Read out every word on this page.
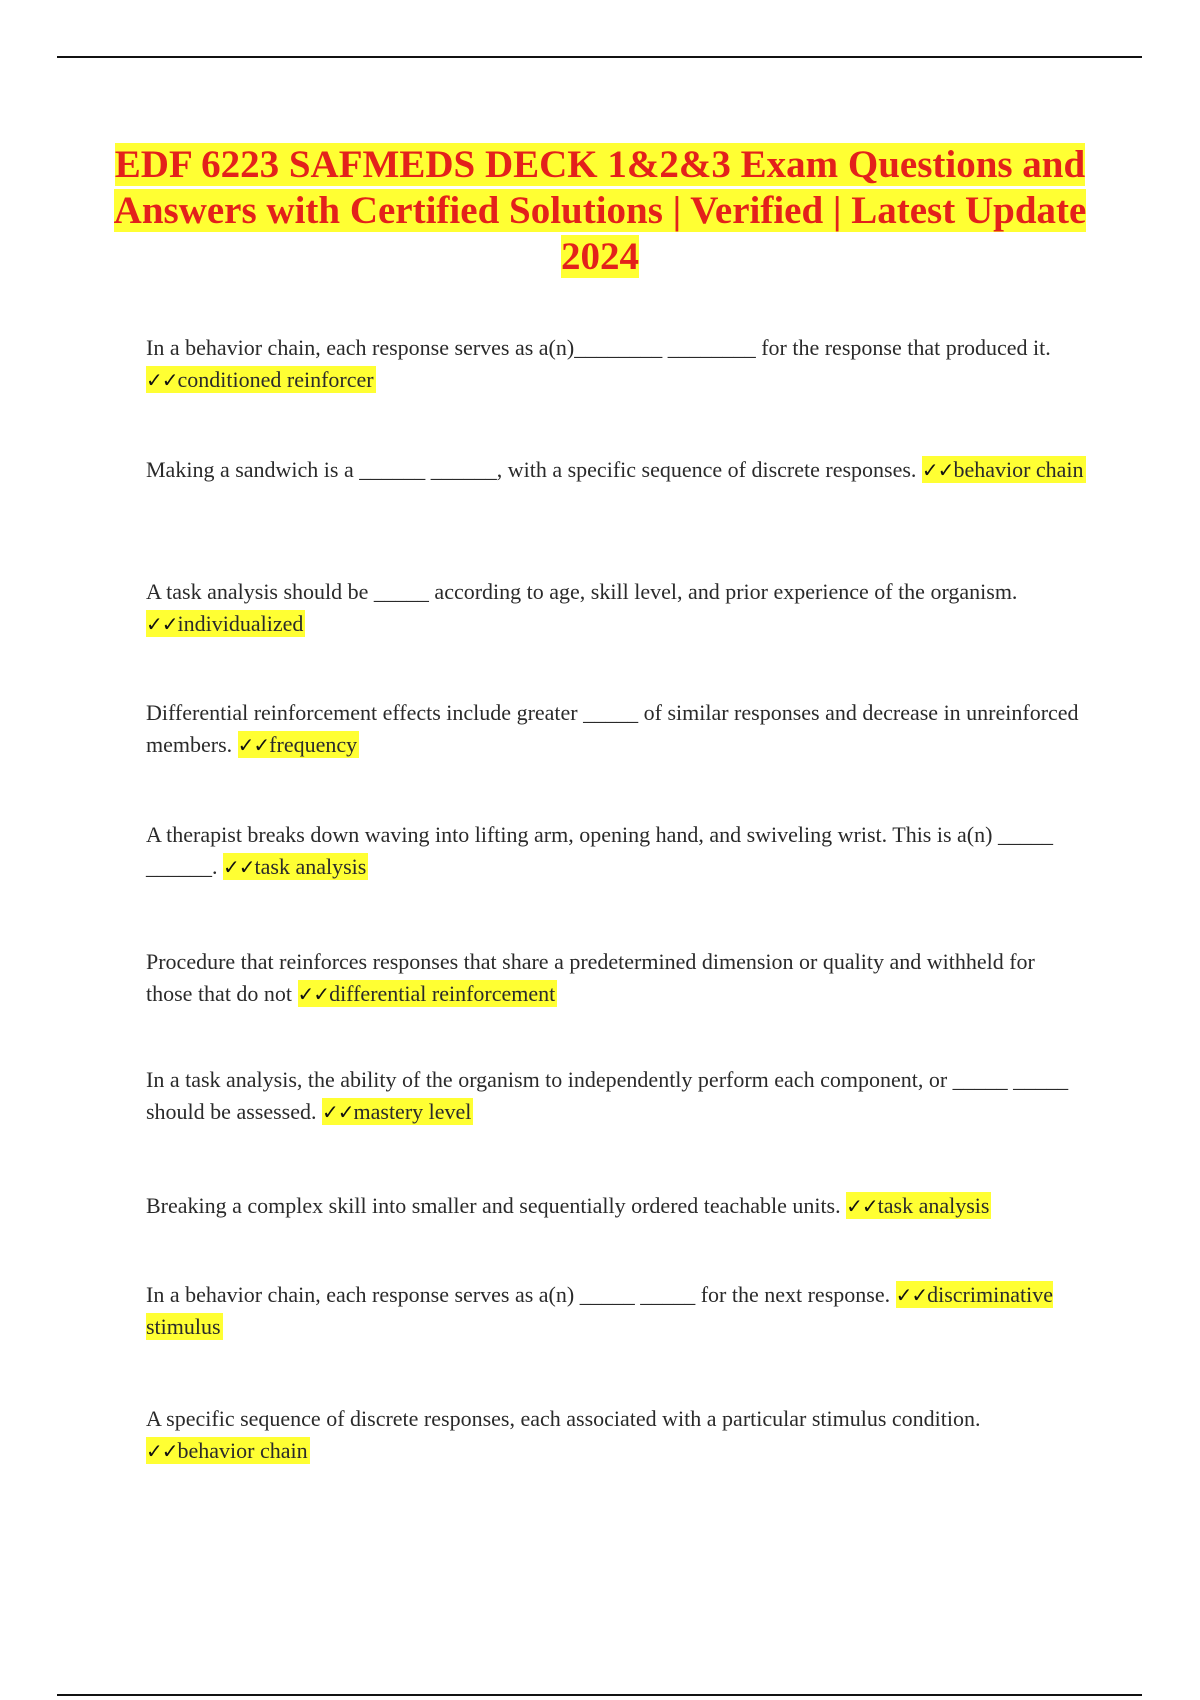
EDF 6223 SAFMEDS DECK 1&2&3 Exam Questions and Answers with Certified Solutions | Verified | Latest Update 2024

In a behavior chain, each response serves as a(n)________ ________ for the response that produced it. ✓✓conditioned reinforcer

Making a sandwich is a ______ ______, with a specific sequence of discrete responses. ✓✓behavior chain

A task analysis should be _____ according to age, skill level, and prior experience of the organism. ✓✓individualized

Differential reinforcement effects include greater _____ of similar responses and decrease in unreinforced members. ✓✓frequency

A therapist breaks down waving into lifting arm, opening hand, and swiveling wrist. This is a(n) _____ ______. ✓✓task analysis

Procedure that reinforces responses that share a predetermined dimension or quality and withheld for those that do not ✓✓differential reinforcement

In a task analysis, the ability of the organism to independently perform each component, or _____ _____ should be assessed. ✓✓mastery level

Breaking a complex skill into smaller and sequentially ordered teachable units. ✓✓task analysis

In a behavior chain, each response serves as a(n) _____ _____ for the next response. ✓✓discriminative stimulus

A specific sequence of discrete responses, each associated with a particular stimulus condition. ✓✓behavior chain
